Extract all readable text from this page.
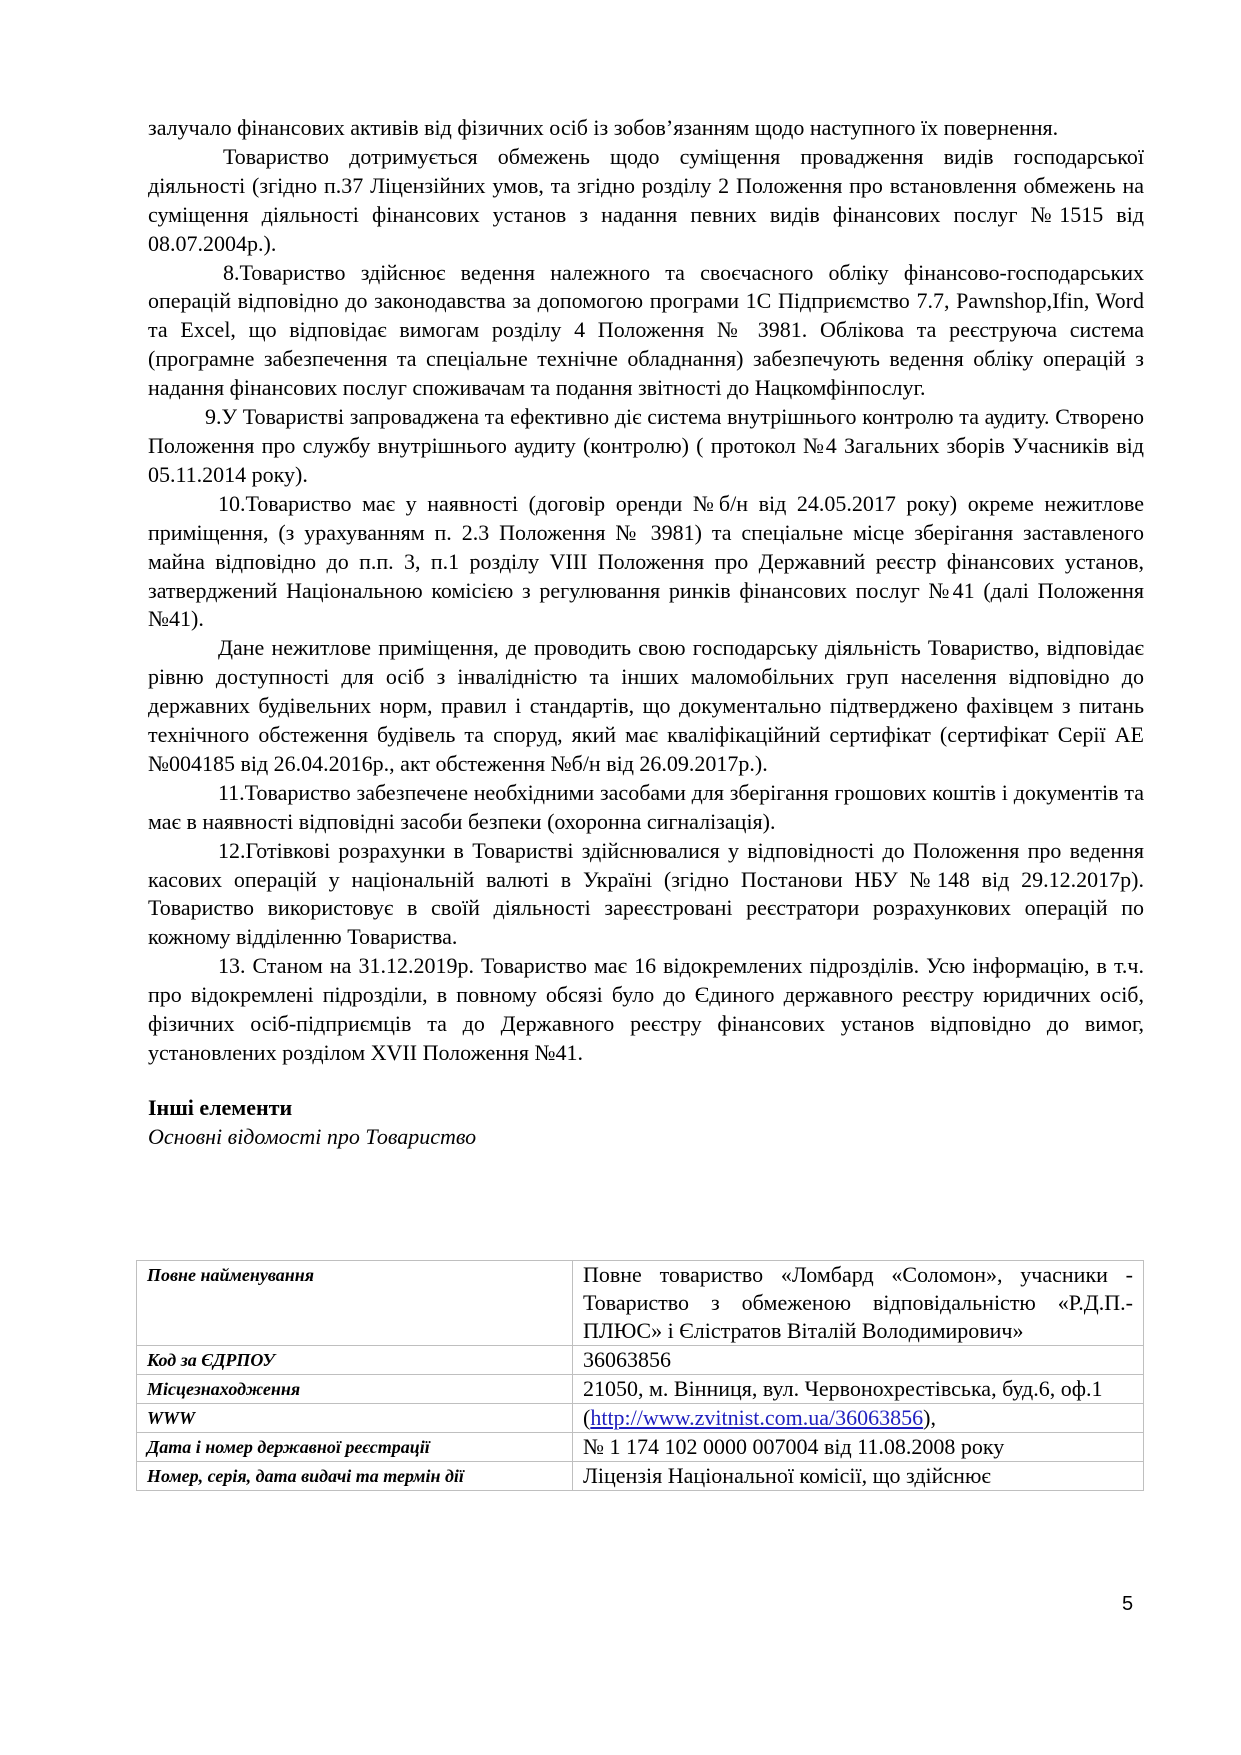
залучало фінансових активів від фізичних осіб із зобов’язанням щодо наступного їх повернення.

Товариство дотримується обмежень щодо суміщення провадження видів господарської діяльності (згідно п.37 Ліцензійних умов, та згідно розділу 2 Положення про встановлення обмежень на суміщення діяльності фінансових установ з надання певних видів фінансових послуг №1515 від 08.07.2004р.).

8.Товариство здійснює ведення належного та своєчасного обліку фінансово-господарських операцій відповідно до законодавства за допомогою програми 1С Підприємство 7.7, Pawnshop,Ifin, Word та Excel, що відповідає вимогам розділу 4 Положення № 3981. Облікова та реєструюча система (програмне забезпечення та спеціальне технічне обладнання) забезпечують ведення обліку операцій з надання фінансових послуг споживачам та подання звітності до Нацкомфінпослуг.

9.У Товаристві запроваджена та ефективно діє система внутрішнього контролю та аудиту. Створено Положення про службу внутрішнього аудиту (контролю) ( протокол №4 Загальних зборів Учасників від 05.11.2014 року).

10.Товариство має у наявності (договір оренди №б/н від 24.05.2017 року) окреме нежитлове приміщення, (з урахуванням п. 2.3 Положення № 3981) та спеціальне місце зберігання заставленого майна відповідно до п.п. 3, п.1 розділу VIII Положення про Державний реєстр фінансових установ, затверджений Національною комісією з регулювання ринків фінансових послуг №41 (далі Положення №41).

Дане нежитлове приміщення, де проводить свою господарську діяльність Товариство, відповідає рівню доступності для осіб з інвалідністю та інших маломобільних груп населення відповідно до державних будівельних норм, правил і стандартів, що документально підтверджено фахівцем з питань технічного обстеження будівель та споруд, який має кваліфікаційний сертифікат (сертифікат Серії АЕ №004185 від 26.04.2016р., акт обстеження №б/н від 26.09.2017р.).

11.Товариство забезпечене необхідними засобами для зберігання грошових коштів і документів та має в наявності відповідні засоби безпеки (охоронна сигналізація).

12.Готівкові розрахунки в Товаристві здійснювалися у відповідності до Положення про ведення касових операцій у національній валюті в Україні (згідно Постанови НБУ №148 від 29.12.2017р). Товариство використовує в своїй діяльності зареєстровані реєстратори розрахункових операцій по кожному відділенню Товариства.

13. Станом на 31.12.2019р. Товариство має 16 відокремлених підрозділів. Усю інформацію, в т.ч. про відокремлені підрозділи, в повному обсязі було до Єдиного державного реєстру юридичних осіб, фізичних осіб-підприємців та до Державного реєстру фінансових установ відповідно до вимог, установлених розділом XVII Положення №41.

Інші елементи

Основні відомості про Товариство

Повне найменування	Повне товариство «Ломбард «Соломон», учасники - Товариство з обмеженою відповідальністю «Р.Д.П.-ПЛЮС» і Єлістратов Віталій Володимирович»
Код за ЄДРПОУ	36063856
Місцезнаходження	21050, м. Вінниця, вул. Червонохрестівська, буд.6, оф.1
WWW	(http://www.zvitnist.com.ua/36063856),
Дата і номер державної реєстрації	№ 1 174 102 0000 007004 від 11.08.2008 року
Номер, серія, дата видачі та термін дії	Ліцензія Національної комісії, що здійснює
5
